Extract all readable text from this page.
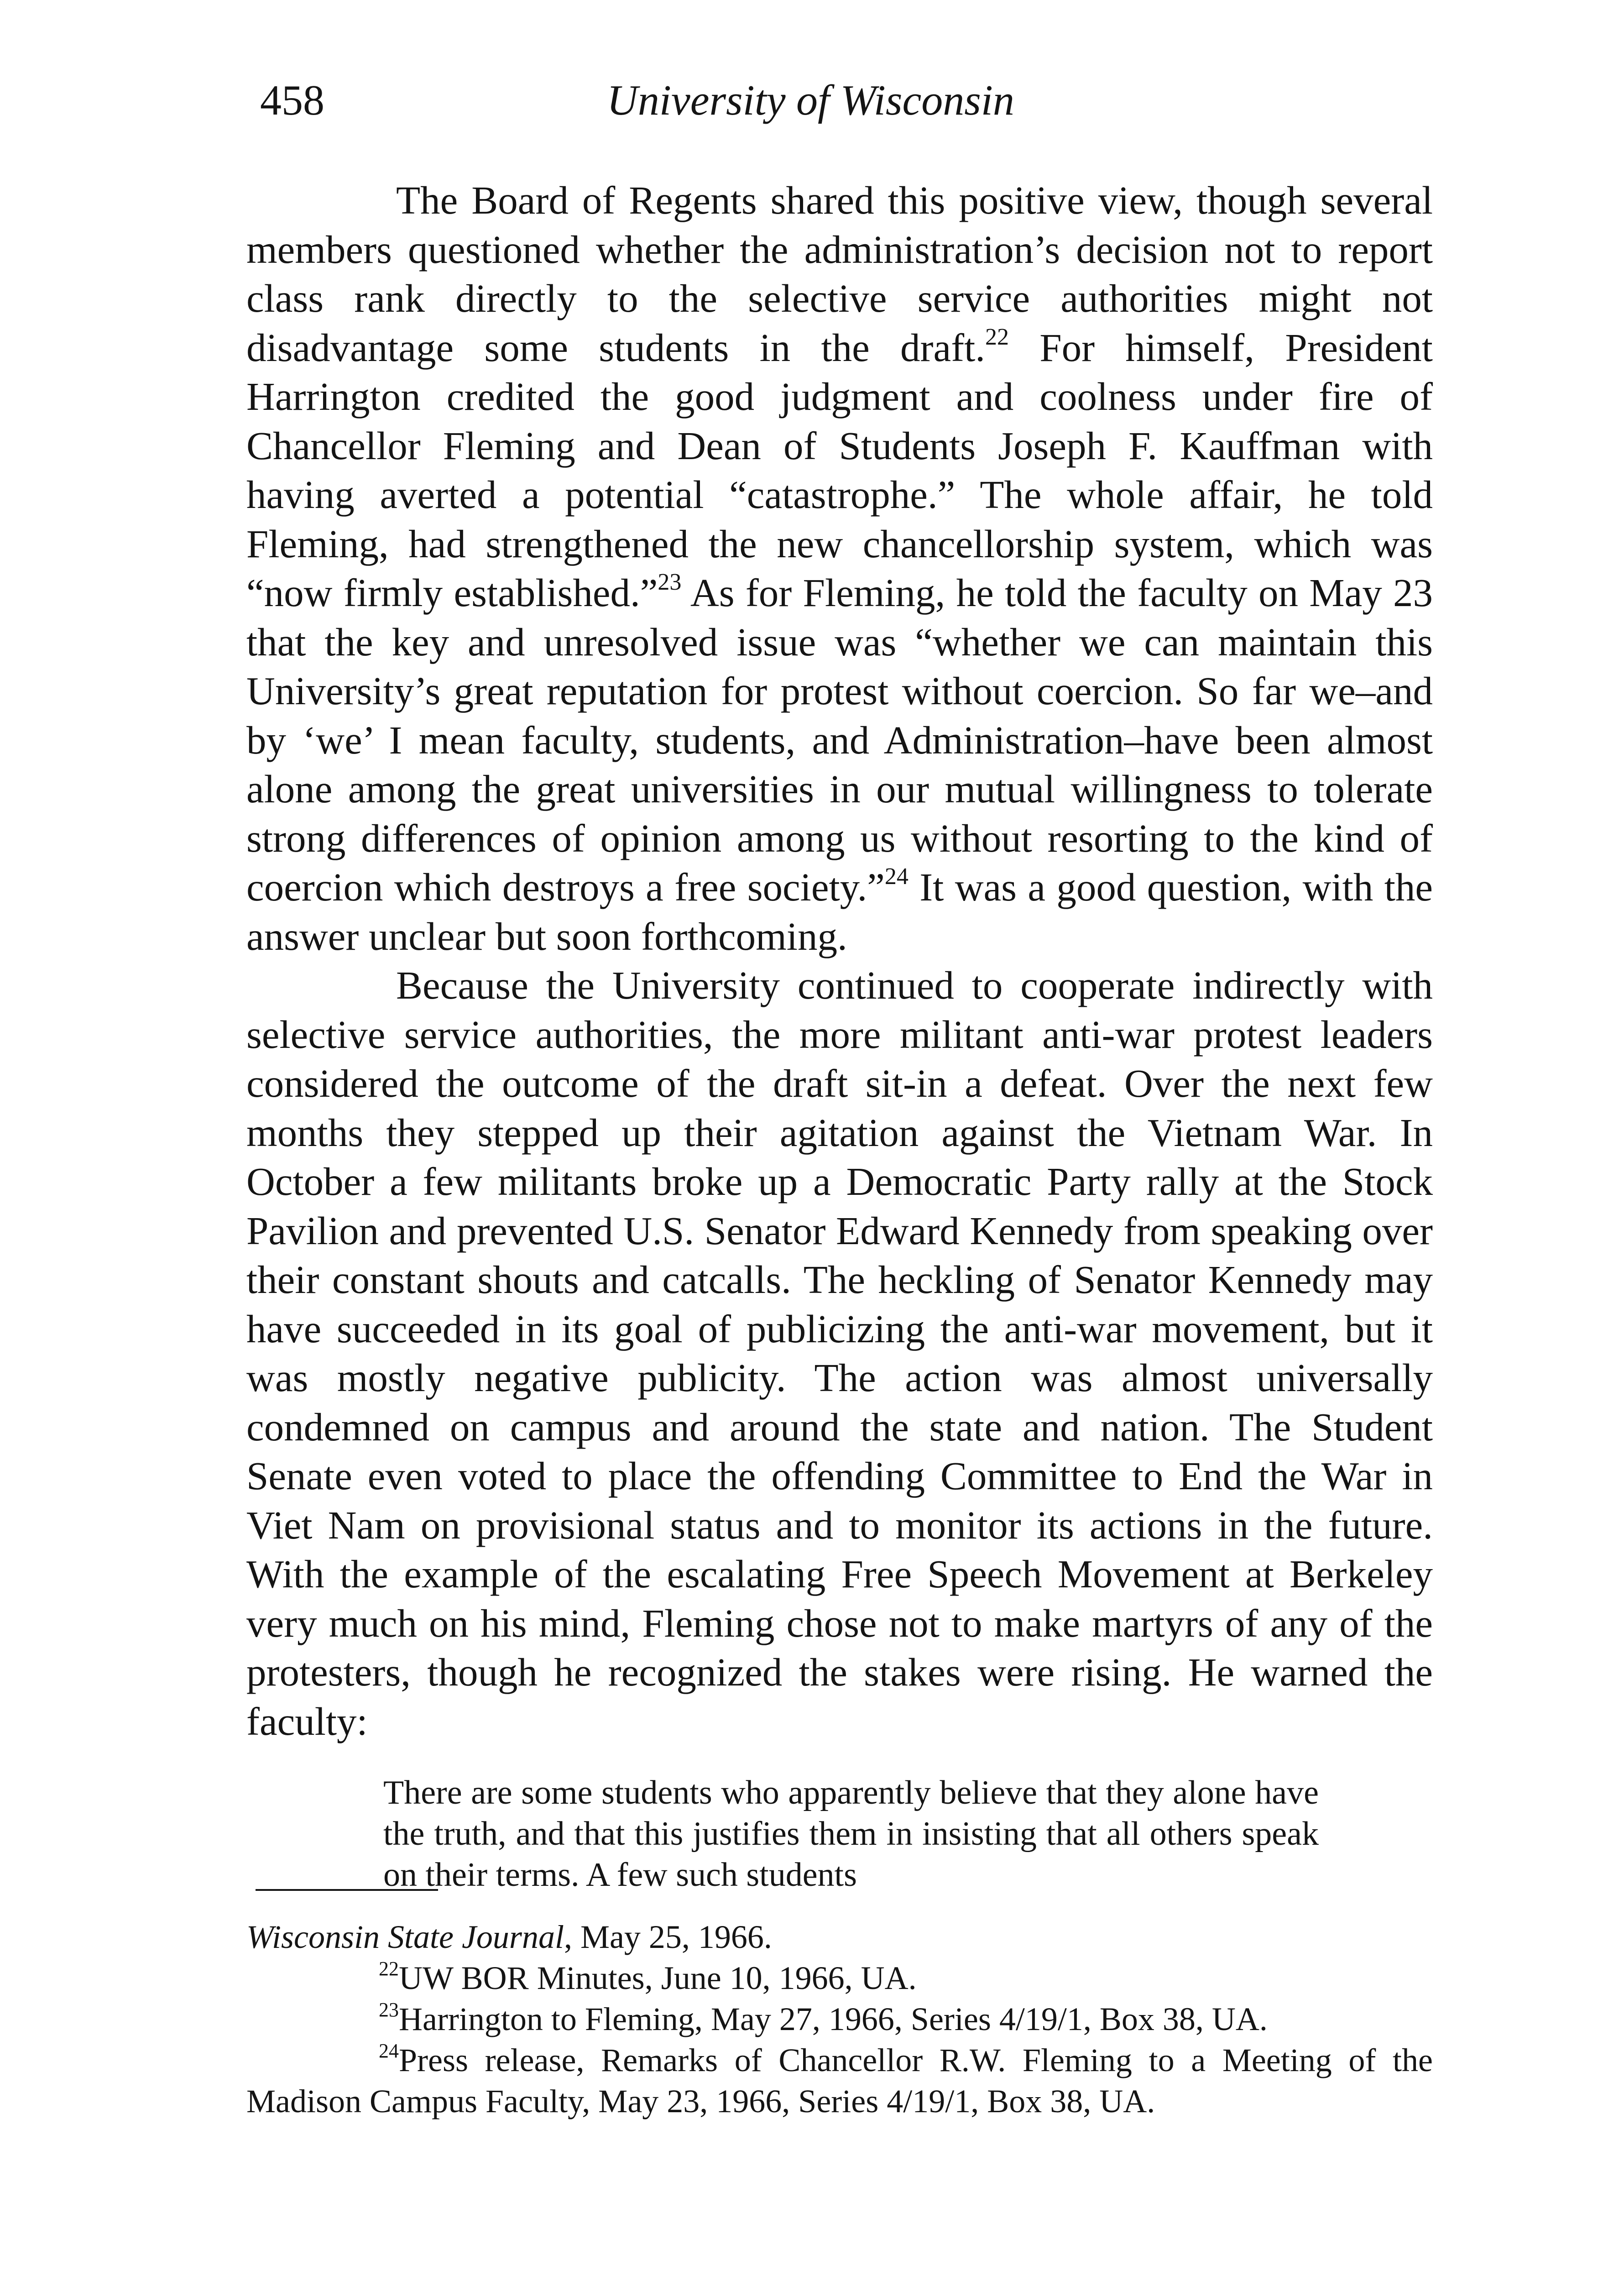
458	University of Wisconsin

The Board of Regents shared this positive view, though several members questioned whether the administration’s decision not to report class rank directly to the selective service authorities might not disadvantage some students in the draft.$^{22}$ For himself, President Harrington credited the good judgment and coolness under fire of Chancellor Fleming and Dean of Students Joseph F. Kauffman with having averted a potential “catastrophe.” The whole affair, he told Fleming, had strengthened the new chancellorship system, which was “now firmly established.”$^{23}$ As for Fleming, he told the faculty on May 23 that the key and unresolved issue was “whether we can maintain this University’s great reputation for protest without coercion. So far we–and by ‘we’ I mean faculty, students, and Administration–have been almost alone among the great universities in our mutual willingness to tolerate strong differences of opinion among us without resorting to the kind of coercion which destroys a free society.”$^{24}$ It was a good question, with the answer unclear but soon forthcoming.

Because the University continued to cooperate indirectly with selective service authorities, the more militant anti-war protest leaders considered the outcome of the draft sit-in a defeat. Over the next few months they stepped up their agitation against the Vietnam War. In October a few militants broke up a Democratic Party rally at the Stock Pavilion and prevented U.S. Senator Edward Kennedy from speaking over their constant shouts and catcalls. The heckling of Senator Kennedy may have succeeded in its goal of publicizing the anti-war movement, but it was mostly negative publicity. The action was almost universally condemned on campus and around the state and nation. The Student Senate even voted to place the offending Committee to End the War in Viet Nam on provisional status and to monitor its actions in the future. With the example of the escalating Free Speech Movement at Berkeley very much on his mind, Fleming chose not to make martyrs of any of the protesters, though he recognized the stakes were rising. He warned the faculty:

There are some students who apparently believe that they alone have the truth, and that this justifies them in insisting that all others speak on their terms. A few such students

Wisconsin State Journal, May 25, 1966.

$^{22}$UW BOR Minutes, June 10, 1966, UA.

$^{23}$Harrington to Fleming, May 27, 1966, Series 4/19/1, Box 38, UA.

$^{24}$Press release, Remarks of Chancellor R.W. Fleming to a Meeting of the Madison Campus Faculty, May 23, 1966, Series 4/19/1, Box 38, UA.
